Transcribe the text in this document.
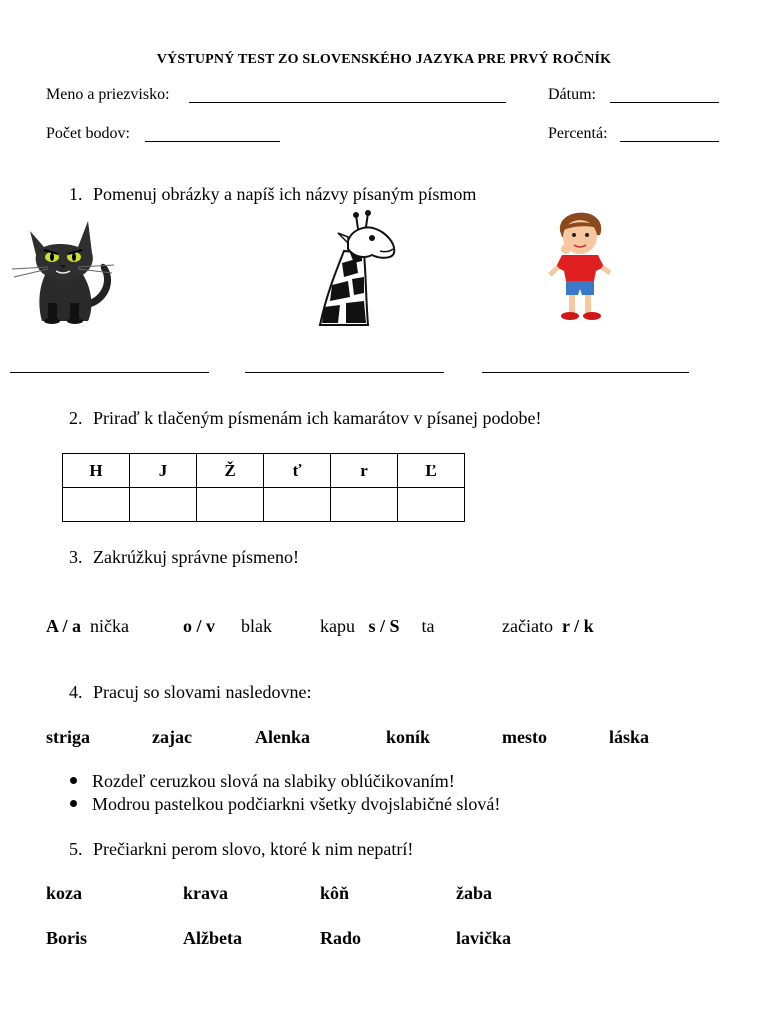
VÝSTUPNÝ TEST ZO SLOVENSKÉHO JAZYKA PRE PRVÝ ROČNÍK
Meno a priezvisko:	Dátum:
Počet bodov:	Percentá:
1. Pomenuj obrázky a napíš ich názvy písaným písmom
2. Priraď k tlačeným písmenám ich kamarátov v písanej podobe!
H	J	Ž	ť	r	Ľ

3. Zakrúžkuj správne písmeno!
A / a nička	o / v blak	kapu s / S ta	začiato r / k
4. Pracuj so slovami nasledovne:
striga	zajac	Alenka	koník	mesto	láska
Rozdeľ ceruzkou slová na slabiky oblúčikovaním!
Modrou pastelkou podčiarkni všetky dvojslabičné slová!
5. Prečiarkni perom slovo, ktoré k nim nepatrí!
koza	krava	kôň	žaba
Boris	Alžbeta	Rado	lavička
